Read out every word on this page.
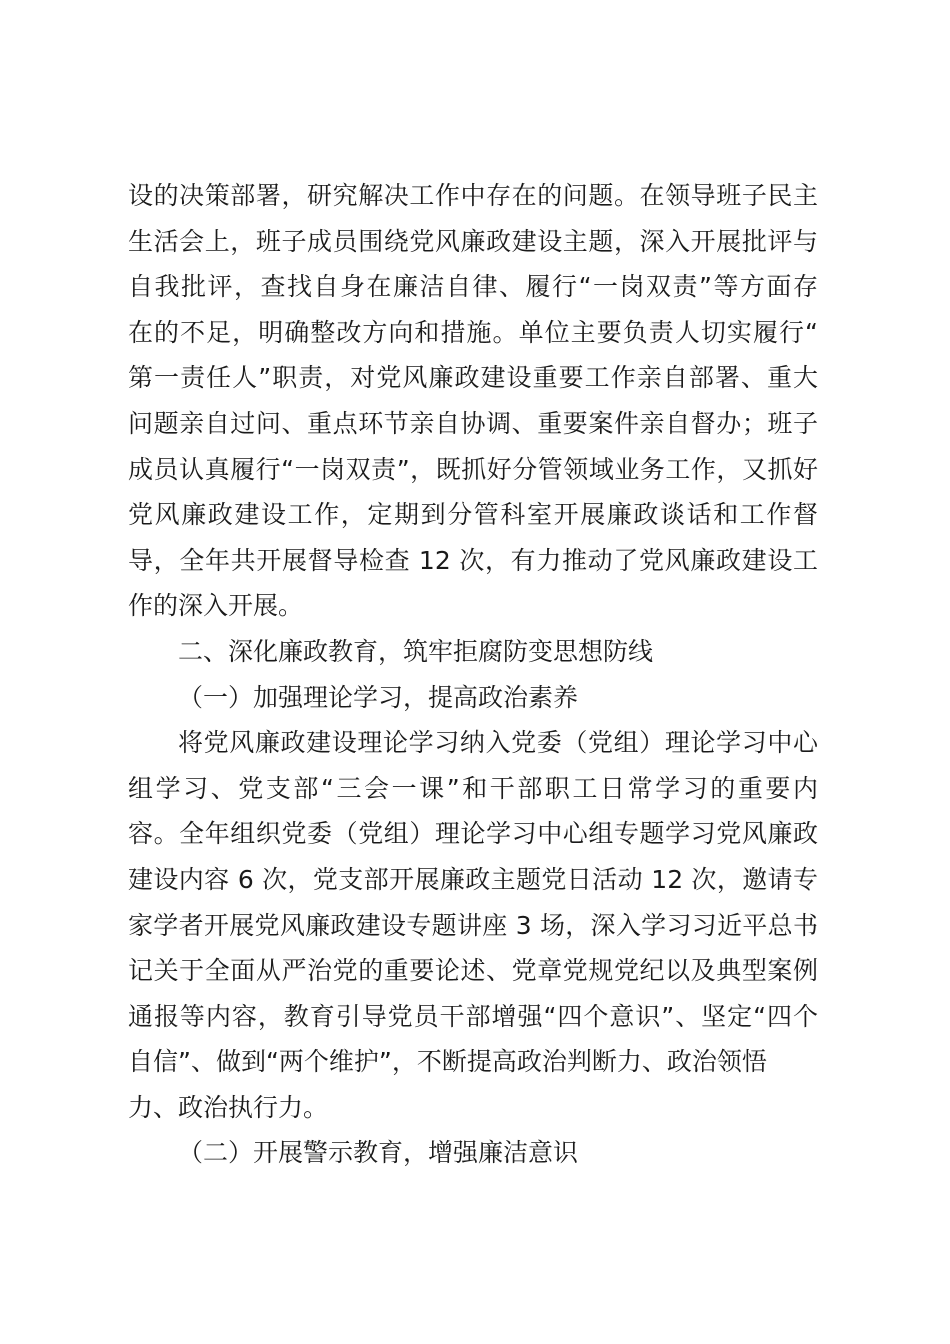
设的决策部署，研究解决工作中存在的问题。在领导班子民主
生活会上，班子成员围绕党风廉政建设主题，深入开展批评与
自我批评，查找自身在廉洁自律、履行“一岗双责”等方面存
在的不足，明确整改方向和措施。单位主要负责人切实履行“
第一责任人”职责，对党风廉政建设重要工作亲自部署、重大
问题亲自过问、重点环节亲自协调、重要案件亲自督办；班子
成员认真履行“一岗双责”，既抓好分管领域业务工作，又抓好
党风廉政建设工作，定期到分管科室开展廉政谈话和工作督
导，全年共开展督导检查 12 次，有力推动了党风廉政建设工
作的深入开展。
二、深化廉政教育，筑牢拒腐防变思想防线
（一）加强理论学习，提高政治素养
将党风廉政建设理论学习纳入党委（党组）理论学习中心
组学习、党支部“三会一课”和干部职工日常学习的重要内
容。全年组织党委（党组）理论学习中心组专题学习党风廉政
建设内容 6 次，党支部开展廉政主题党日活动 12 次，邀请专
家学者开展党风廉政建设专题讲座 3 场，深入学习习近平总书
记关于全面从严治党的重要论述、党章党规党纪以及典型案例
通报等内容，教育引导党员干部增强“四个意识”、坚定“四个
自信”、做到“两个维护”，不断提高政治判断力、政治领悟
力、政治执行力。
（二）开展警示教育，增强廉洁意识
